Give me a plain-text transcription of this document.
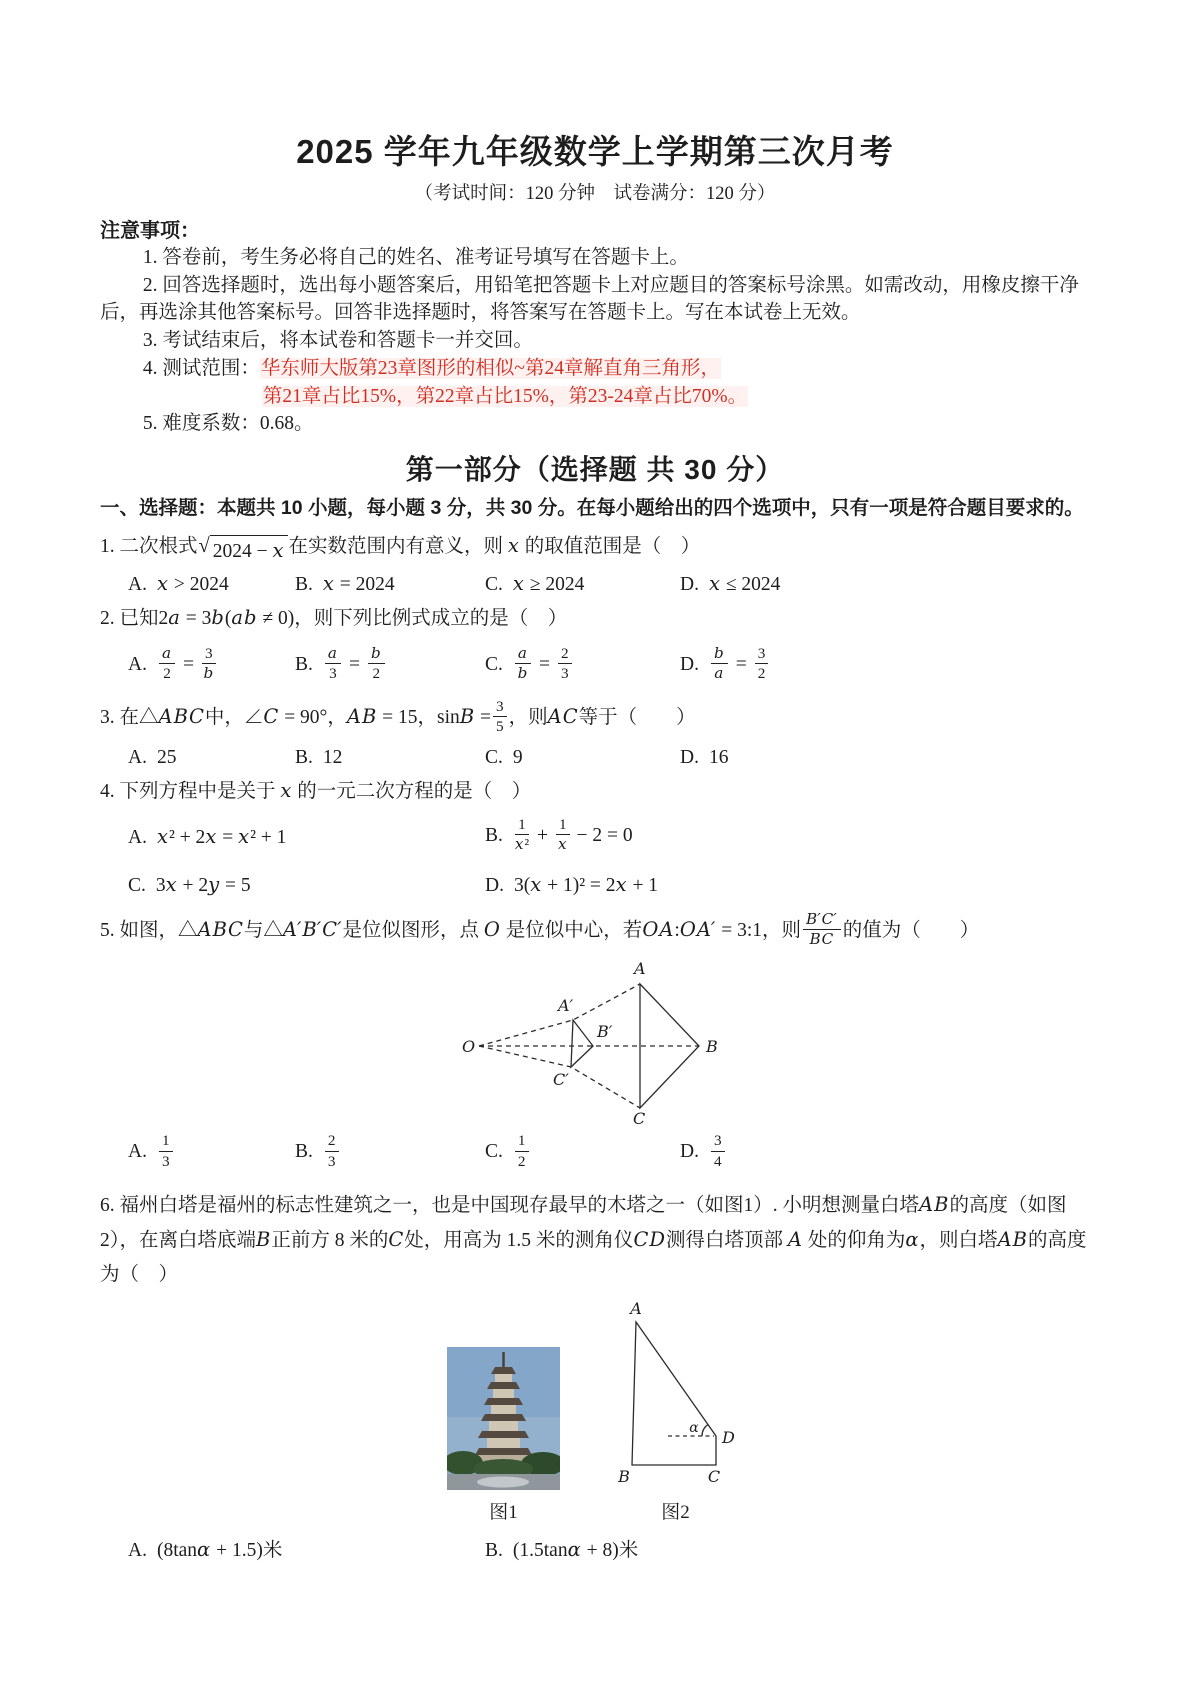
2025 学年九年级数学上学期第三次月考

（考试时间：120 分钟　试卷满分：120 分）

注意事项：

1. 答卷前，考生务必将自己的姓名、准考证号填写在答题卡上。

2. 回答选择题时，选出每小题答案后，用铅笔把答题卡上对应题目的答案标号涂黑。如需改动，用橡皮擦干净后，再选涂其他答案标号。回答非选择题时，将答案写在答题卡上。写在本试卷上无效。

3. 考试结束后，将本试卷和答题卡一并交回。

4. 测试范围：华东师大版第23章图形的相似~第24章解直角三角形，

第21章占比15%，第22章占比15%，第23-24章占比70%。

5. 难度系数：0.68。

第一部分（选择题 共 30 分）

一、选择题：本题共 10 小题，每小题 3 分，共 30 分。在每小题给出的四个选项中，只有一项是符合题目要求的。

1. 二次根式 √ 2024 − x 在实数范围内有意义，则 x 的取值范围是（　）

A. x > 2024	B. x = 2024	C. x ≥ 2024	D. x ≤ 2024

2. 已知2a = 3b(ab ≠ 0)，则下列比例式成立的是（　）

A. $\frac{a}{2} = \frac{3}{b}$	B. $\frac{a}{3} = \frac{b}{2}$	C. $\frac{a}{b} = \frac{2}{3}$	D. $\frac{b}{a} = \frac{3}{2}$

3. 在△ABC中，∠C = 90°，AB = 15，$\sin B = \frac{3}{5}$ ，则AC等于（　　）

A. 25	B. 12	C. 9	D. 16

4. 下列方程中是关于 x 的一元二次方程的是（　）

A. x² + 2x = x² + 1	B. $\frac{1}{\text{x²}} + \frac{1}{x} - 2 = 0$
C. 3x + 2y = 5	D. 3(x + 1)² = 2x + 1

5. 如图，△ABC与△A′B′C′是位似图形，点 O 是位似中心，若OA:OA′ = 3:1，则 $\frac{B'C'}{BC}$ 的值为（　　）

O
A
A′
B′
B
C′
C
A. $\frac{1}{3}$	B. $\frac{2}{3}$	C. $\frac{1}{2}$	D. $\frac{3}{4}$

6. 福州白塔是福州的标志性建筑之一，也是中国现存最早的木塔之一（如图1）. 小明想测量白塔AB的高度（如图2），在离白塔底端B正前方 8 米的C处，用高为 1.5 米的测角仪CD测得白塔顶部 A 处的仰角为α，则白塔AB的高度为（　）

图1
A
B	C
D
α
图2
A. (8tanα + 1.5)米	B. (1.5tanα + 8)米
